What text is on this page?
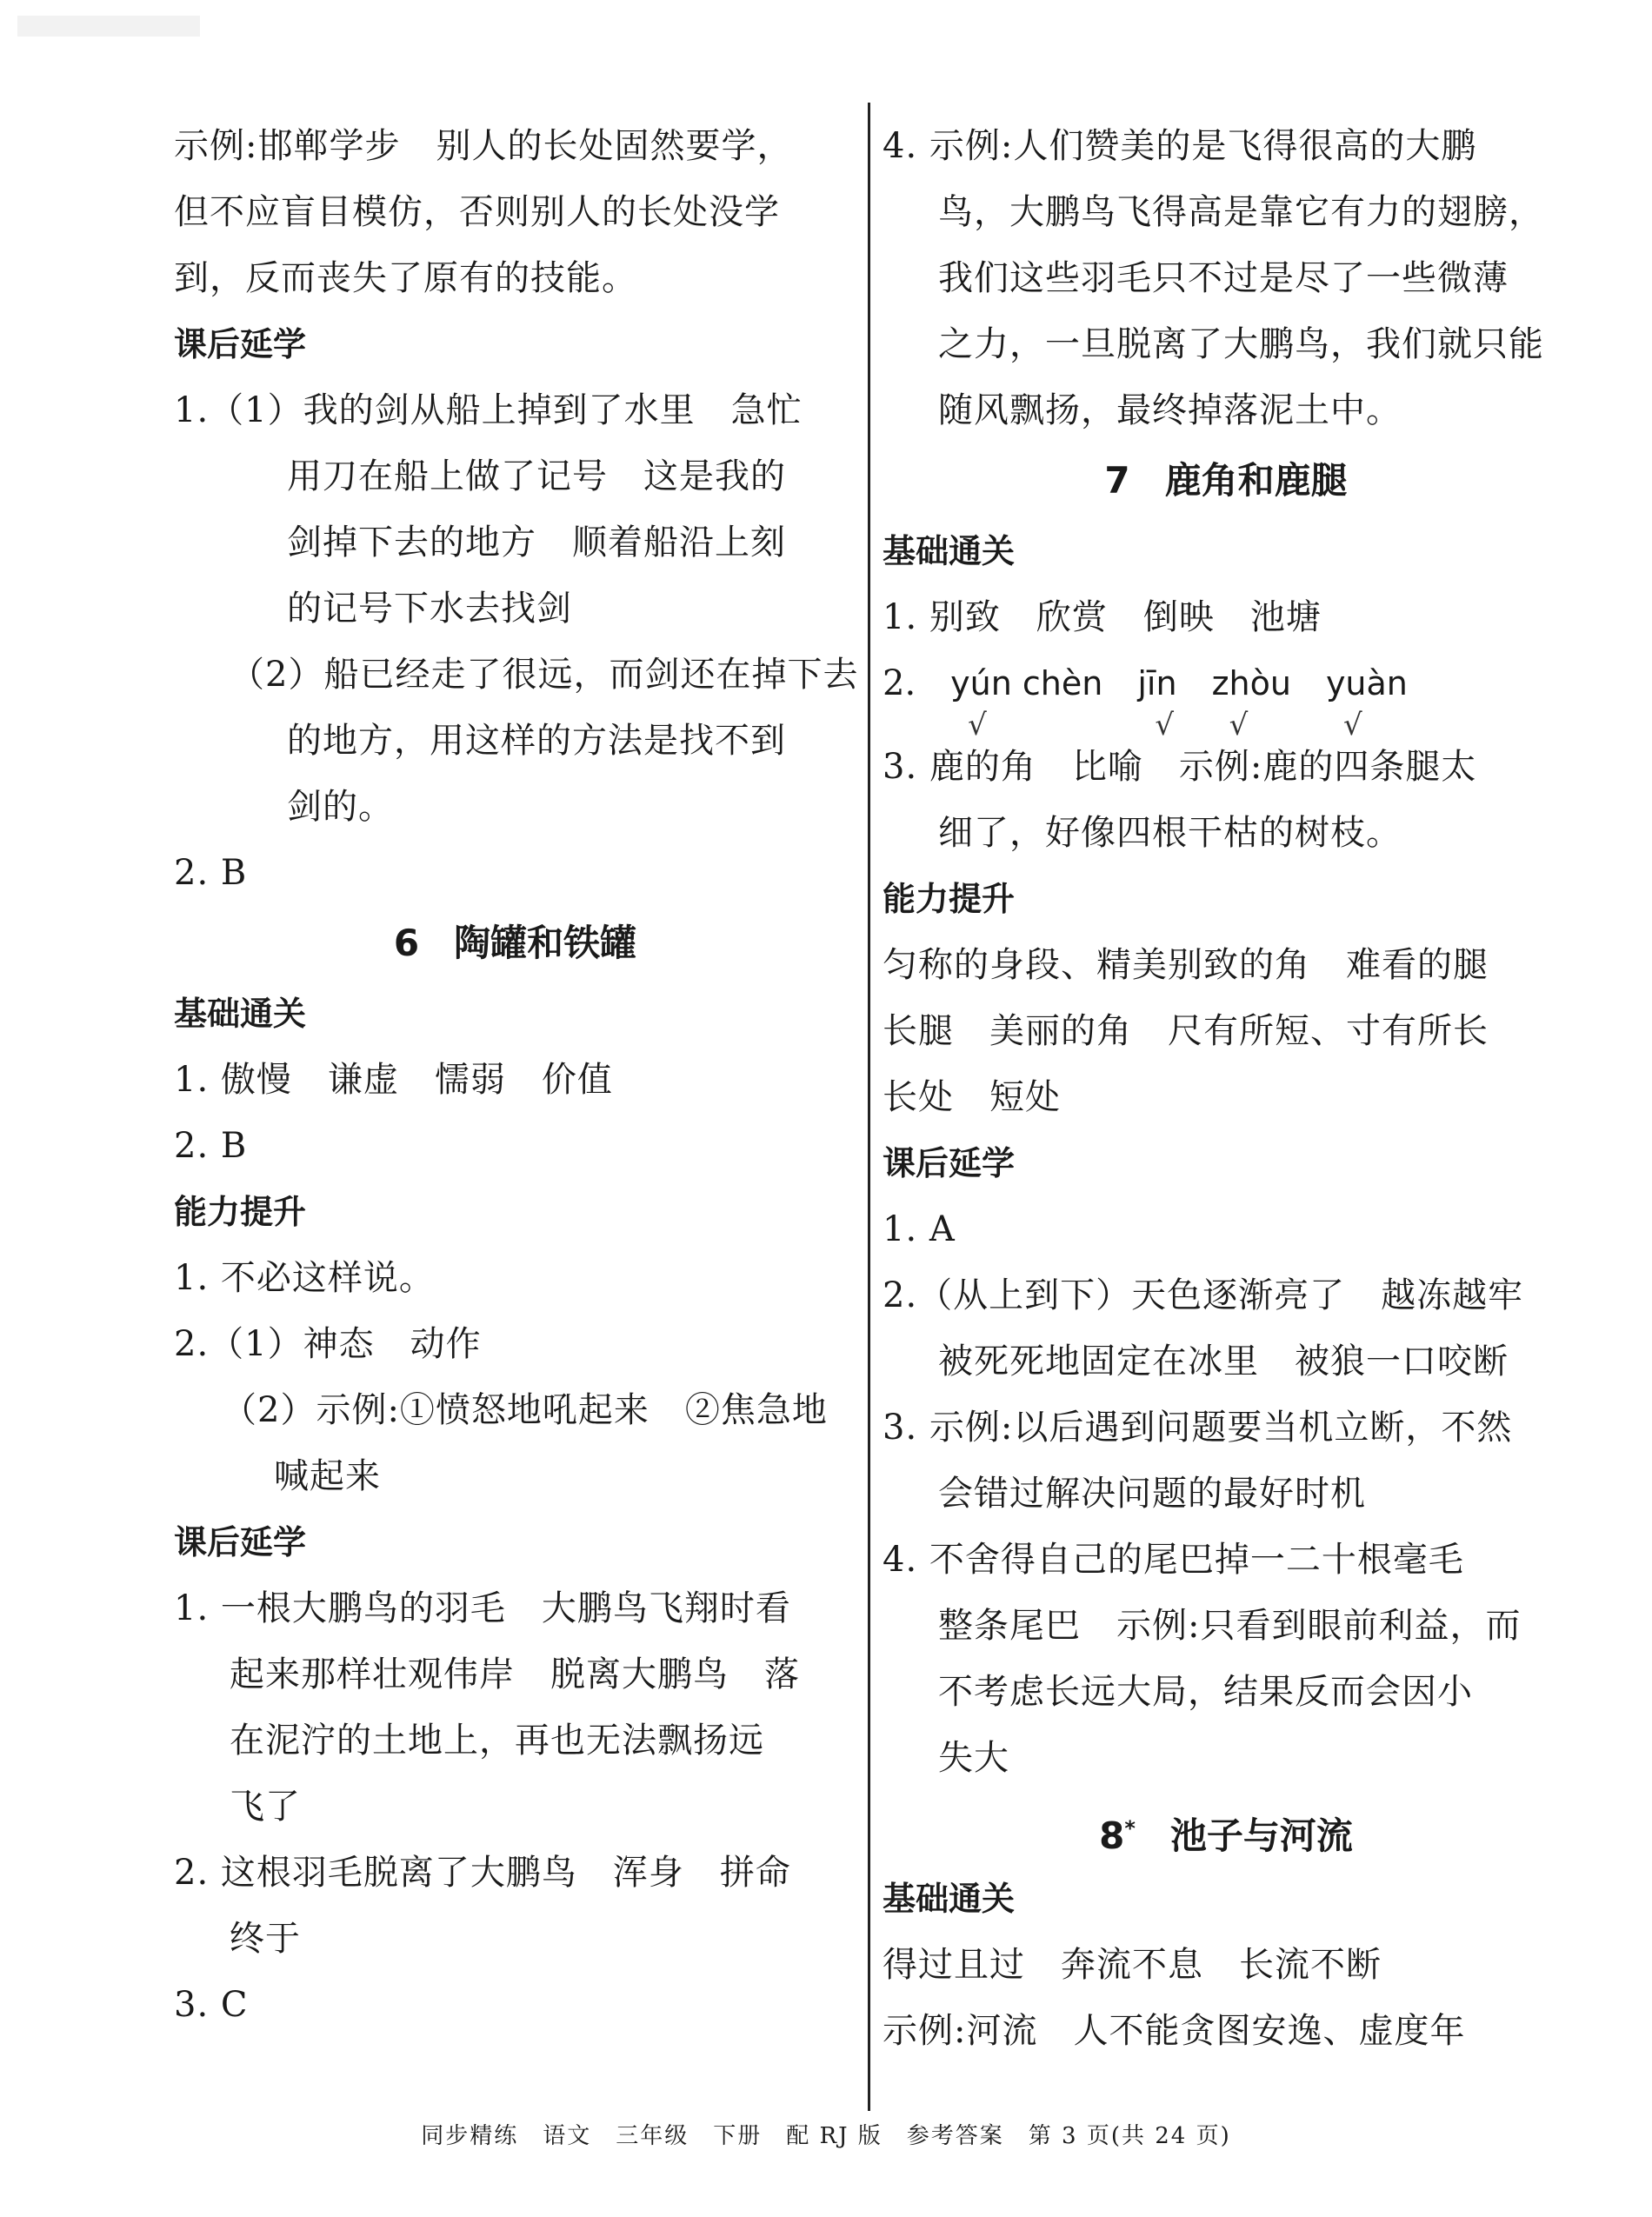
示例:邯郸学步　别人的长处固然要学，
但不应盲目模仿，否则别人的长处没学
到，反而丧失了原有的技能。
课后延学
1.（1）我的剑从船上掉到了水里　急忙
用刀在船上做了记号　这是我的
剑掉下去的地方　顺着船沿上刻
的记号下水去找剑
（2）船已经走了很远，而剑还在掉下去
的地方，用这样的方法是找不到
剑的。
2. B
6 陶罐和铁罐
基础通关
1. 傲慢　谦虚　懦弱　价值
2. B
能力提升
1. 不必这样说。
2.（1）神态　动作
（2）示例:①愤怒地吼起来　②焦急地
喊起来
课后延学
1. 一根大鹏鸟的羽毛　大鹏鸟飞翔时看
起来那样壮观伟岸　脱离大鹏鸟　落
在泥泞的土地上，再也无法飘扬远
飞了
2. 这根羽毛脱离了大鹏鸟　浑身　拼命
终于
3. C
4. 示例:人们赞美的是飞得很高的大鹏
鸟，大鹏鸟飞得高是靠它有力的翅膀，
我们这些羽毛只不过是尽了一些微薄
之力，一旦脱离了大鹏鸟，我们就只能
随风飘扬，最终掉落泥土中。
7 鹿角和鹿腿
基础通关
1. 别致　欣赏　倒映　池塘
2. yún chèn
√
jīn
√
zhòu
√
yuàn
√
3. 鹿的角　比喻　示例:鹿的四条腿太
细了，好像四根干枯的树枝。
能力提升
匀称的身段、精美别致的角　难看的腿
长腿　美丽的角　尺有所短、寸有所长
长处　短处
课后延学
1. A
2.（从上到下）天色逐渐亮了　越冻越牢
被死死地固定在冰里　被狼一口咬断
3. 示例:以后遇到问题要当机立断，不然
会错过解决问题的最好时机
4. 不舍得自己的尾巴掉一二十根毫毛
整条尾巴　示例:只看到眼前利益，而
不考虑长远大局，结果反而会因小
失大
8* 池子与河流
基础通关
得过且过　奔流不息　长流不断
示例:河流　人不能贪图安逸、虚度年
同步精练　语文　三年级　下册　配 RJ 版　参考答案　第 3 页(共 24 页)
